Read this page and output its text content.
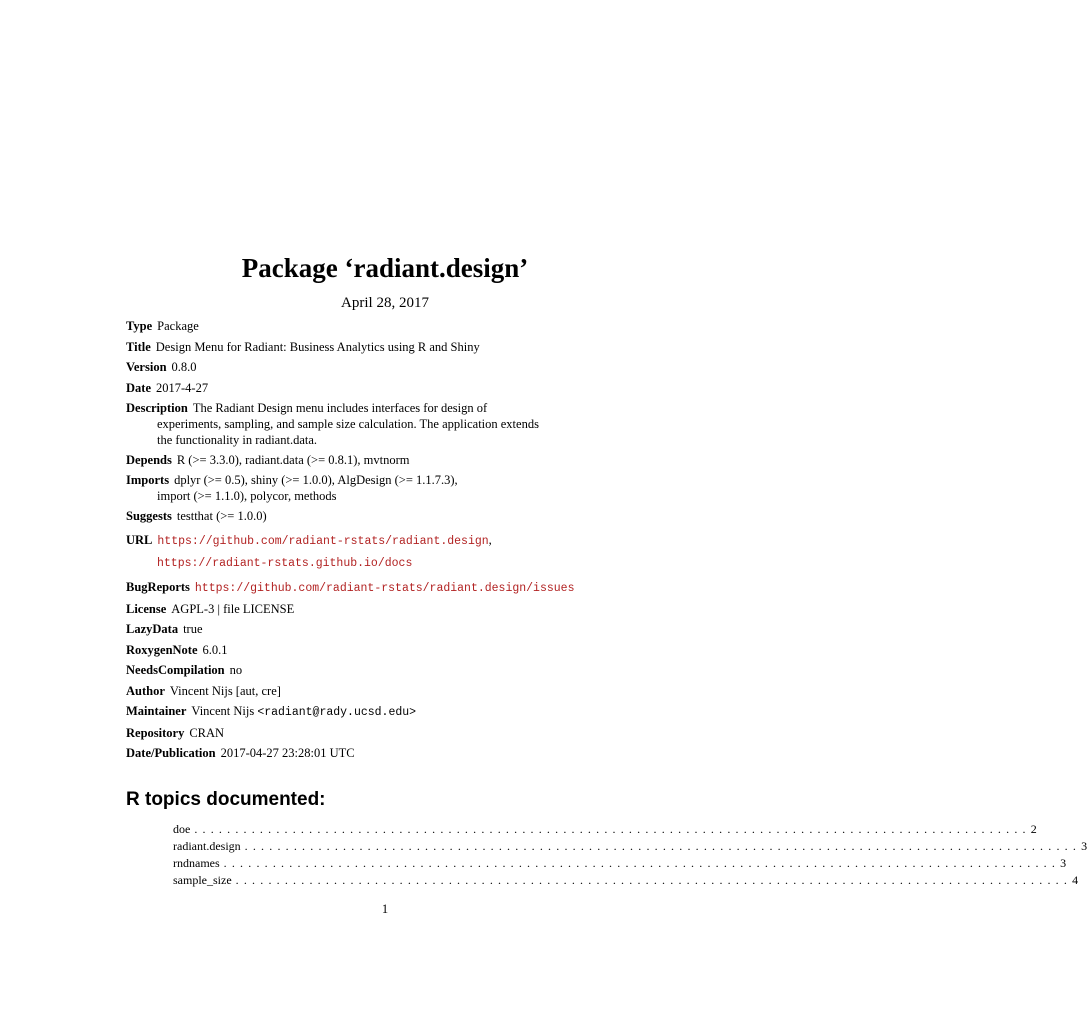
Package ‘radiant.design’
April 28, 2017
Type Package
Title Design Menu for Radiant: Business Analytics using R and Shiny
Version 0.8.0
Date 2017-4-27
Description The Radiant Design menu includes interfaces for design of
experiments, sampling, and sample size calculation. The application extends
the functionality in radiant.data.
Depends R (>= 3.3.0), radiant.data (>= 0.8.1), mvtnorm
Imports dplyr (>= 0.5), shiny (>= 1.0.0), AlgDesign (>= 1.1.7.3),
import (>= 1.1.0), polycor, methods
Suggests testthat (>= 1.0.0)
URL https://github.com/radiant-rstats/radiant.design,
https://radiant-rstats.github.io/docs
BugReports https://github.com/radiant-rstats/radiant.design/issues
License AGPL-3 | file LICENSE
LazyData true
RoxygenNote 6.0.1
NeedsCompilation no
Author Vincent Nijs [aut, cre]
Maintainer Vincent Nijs <radiant@rady.ucsd.edu>
Repository CRAN
Date/Publication 2017-04-27 23:28:01 UTC
R topics documented:
doe ...................................................................................................... 2
radiant.design ...................................................................................................... 3
rndnames ...................................................................................................... 3
sample_size ...................................................................................................... 4
1
